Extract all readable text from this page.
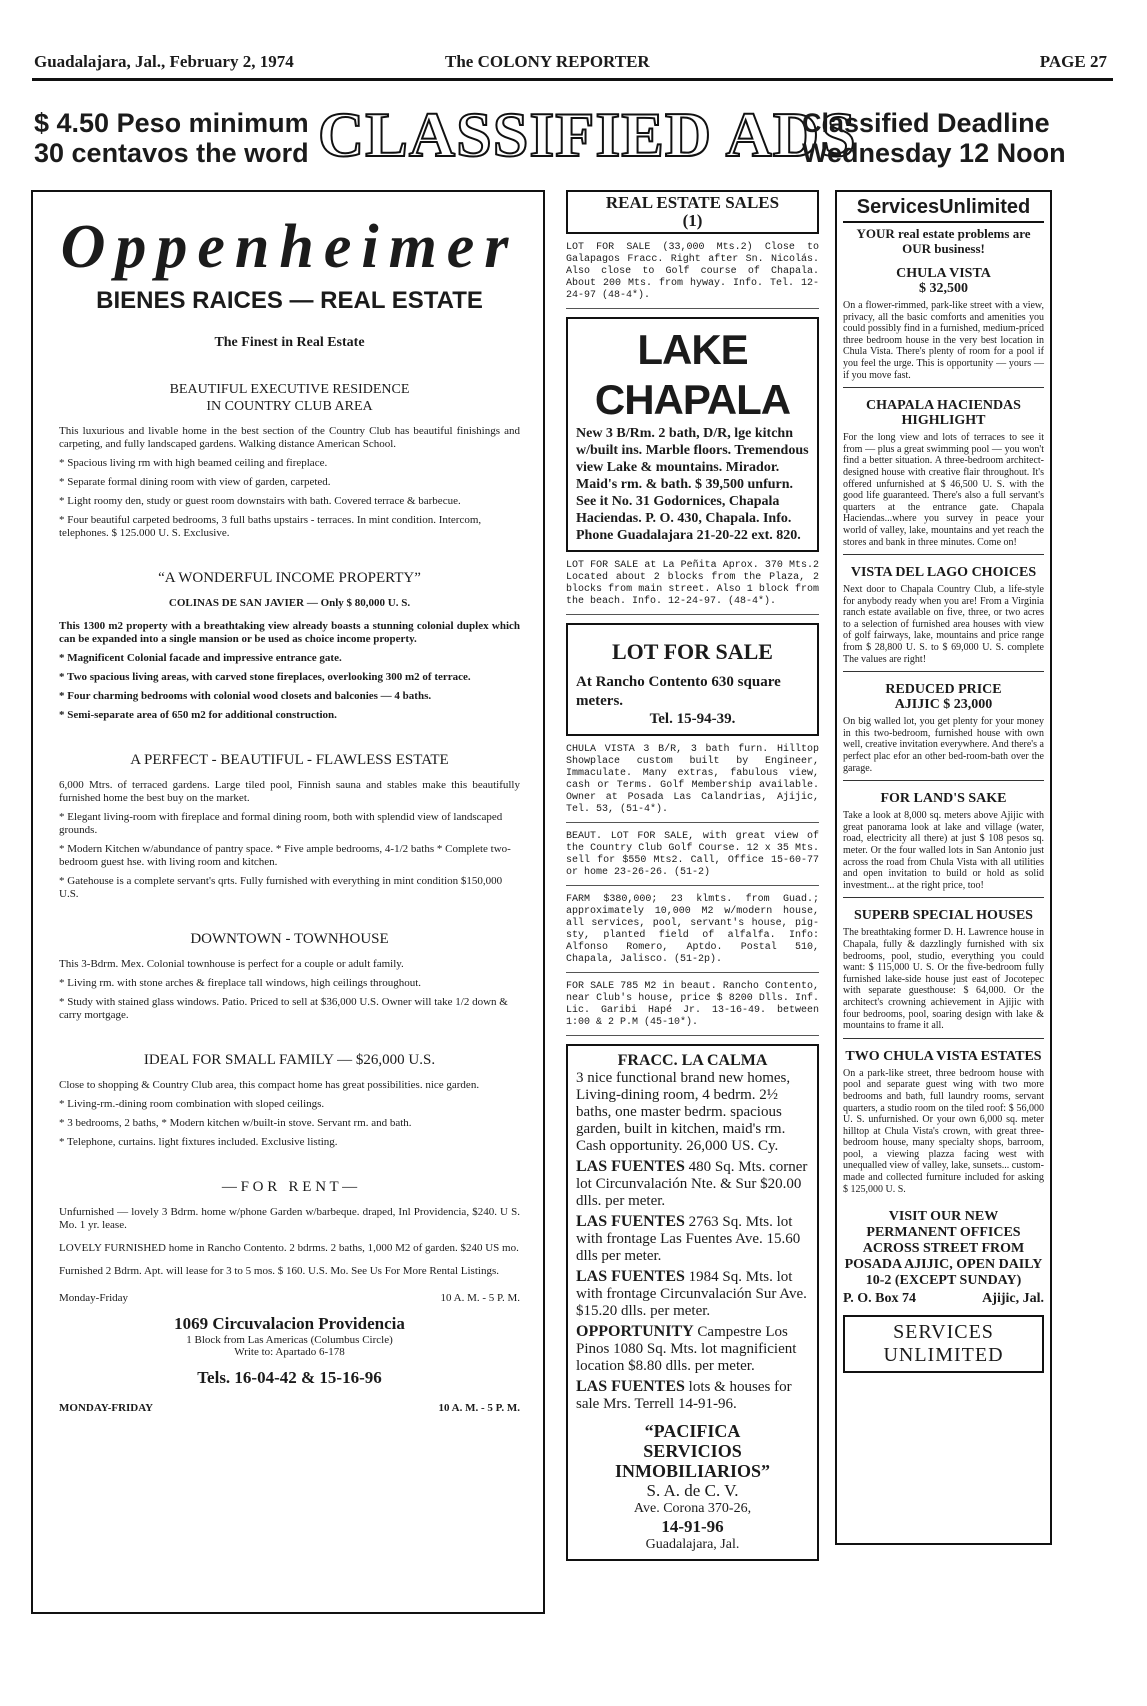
Guadalajara, Jal., February 2, 1974	The COLONY REPORTER	PAGE 27
$ 4.50 Peso minimum
30 centavos the word CLASSIFIED ADS
Classified Deadline
Wednesday 12 Noon
Oppenheimer
BIENES RAICES — REAL ESTATE
The Finest in Real Estate
BEAUTIFUL EXECUTIVE RESIDENCE
IN COUNTRY CLUB AREA

This luxurious and livable home in the best section of the Country Club has beautiful finishings and carpeting, and fully landscaped gardens. Walking distance American School.

* Spacious living rm with high beamed ceiling and fireplace.

* Separate formal dining room with view of garden, carpeted.

* Light roomy den, study or guest room downstairs with bath. Covered terrace & barbecue.

* Four beautiful carpeted bedrooms, 3 full baths upstairs - terraces. In mint condition. Intercom, telephones. $ 125.000 U. S. Exclusive.

“A WONDERFUL INCOME PROPERTY”

COLINAS DE SAN JAVIER — Only $ 80,000 U. S.

This 1300 m2 property with a breathtaking view already boasts a stunning colonial duplex which can be expanded into a single mansion or be used as choice income property.

* Magnificent Colonial facade and impressive entrance gate.

* Two spacious living areas, with carved stone fireplaces, overlooking 300 m2 of terrace.

* Four charming bedrooms with colonial wood closets and balconies — 4 baths.

* Semi-separate area of 650 m2 for additional construction.

A PERFECT - BEAUTIFUL - FLAWLESS ESTATE

6,000 Mtrs. of terraced gardens. Large tiled pool, Finnish sauna and stables make this beautifully furnished home the best buy on the market.

* Elegant living-room with fireplace and formal dining room, both with splendid view of landscaped grounds.

* Modern Kitchen w/abundance of pantry space. * Five ample bedrooms, 4-1/2 baths * Complete two-bedroom guest hse. with living room and kitchen.

* Gatehouse is a complete servant's qrts. Fully furnished with everything in mint condition $150,000 U.S.

DOWNTOWN - TOWNHOUSE

This 3-Bdrm. Mex. Colonial townhouse is perfect for a couple or adult family.

* Living rm. with stone arches & fireplace tall windows, high ceilings throughout.

* Study with stained glass windows. Patio. Priced to sell at $36,000 U.S. Owner will take 1/2 down & carry mortgage.

IDEAL FOR SMALL FAMILY — $26,000 U.S.

Close to shopping & Country Club area, this compact home has great possibilities. nice garden.

* Living-rm.-dining room combination with sloped ceilings.

* 3 bedrooms, 2 baths, * Modern kitchen w/built-in stove. Servant rm. and bath.

* Telephone, curtains. light fixtures included. Exclusive listing.

— F O R   R E N T —

Unfurnished — lovely 3 Bdrm. home w/phone Garden w/barbeque. draped, Inl Providencia, $240. U S. Mo. 1 yr. lease.

LOVELY FURNISHED home in Rancho Contento. 2 bdrms. 2 baths, 1,000 M2 of garden. $240 US mo.

Furnished 2 Bdrm. Apt. will lease for 3 to 5 mos. $ 160. U.S. Mo. See Us For More Rental Listings.

Monday-Friday	10 A. M. - 5 P. M.
1069 Circuvalacion Providencia
1 Block from Las Americas (Columbus Circle)
Write to: Apartado 6-178
Tels. 16-04-42 & 15-16-96
MONDAY-FRIDAY	10 A. M. - 5 P. M.
REAL ESTATE SALES
(1)

LOT FOR SALE (33,000 Mts.2) Close to Galapagos Fracc. Right after Sn. Nicolás. Also close to Golf course of Chapala. About 200 Mts. from hyway. Info. Tel. 12-24-97 (48-4*).

LAKE CHAPALA

New 3 B/Rm. 2 bath, D/R, lge kitchn w/built ins. Marble floors. Tremendous view Lake & mountains. Mirador. Maid's rm. & bath. $ 39,500 unfurn. See it No. 31 Godornices, Chapala Haciendas. P. O. 430, Chapala. Info. Phone Guadalajara 21-20-22 ext. 820.

LOT FOR SALE at La Peñita Aprox. 370 Mts.2 Located about 2 blocks from the Plaza, 2 blocks from main street. Also 1 block from the beach. Info. 12-24-97. (48-4*).

LOT FOR SALE

At Rancho Contento 630 square meters.

Tel. 15-94-39.

CHULA VISTA 3 B/R, 3 bath furn. Hilltop Showplace custom built by Engineer, Immaculate. Many extras, fabulous view, cash or Terms. Golf Membership available. Owner at Posada Las Calandrias, Ajijic, Tel. 53, (51-4*).

BEAUT. LOT FOR SALE, with great view of the Country Club Golf Course. 12 x 35 Mts. sell for $550 Mts2. Call, Office 15-60-77 or home 23-26-26. (51-2)

FARM $380,000; 23 klmts. from Guad.; approximately 10,000 M2 w/modern house, all services, pool, servant's house, pig-sty, planted field of alfalfa. Info: Alfonso Romero, Aptdo. Postal 510, Chapala, Jalisco. (51-2p).

FOR SALE 785 M2 in beaut. Rancho Contento, near Club's house, price $ 8200 Dlls. Inf. Lic. Garibi Hapé Jr. 13-16-49. between 1:00 & 2 P.M (45-10*).

FRACC. LA CALMA

3 nice functional brand new homes, Living-dining room, 4 bedrm. 2½ baths, one master bedrm. spacious garden, built in kitchen, maid's rm. Cash opportunity. 26,000 US. Cy.

LAS FUENTES 480 Sq. Mts. corner lot Circunvalación Nte. & Sur $20.00 dlls. per meter.

LAS FUENTES 2763 Sq. Mts. lot with frontage Las Fuentes Ave. 15.60 dlls per meter.

LAS FUENTES 1984 Sq. Mts. lot with frontage Circunvalación Sur Ave. $15.20 dlls. per meter.

OPPORTUNITY Campestre Los Pinos 1080 Sq. Mts. lot magnificient location $8.80 dlls. per meter.

LAS FUENTES lots & houses for sale Mrs. Terrell 14-91-96.

“PACIFICA
SERVICIOS
INMOBILIARIOS”
S. A. de C. V.
Ave. Corona 370-26,
14-91-96
Guadalajara, Jal.
ServicesUnlimited
YOUR real estate problems are OUR business!
CHULA VISTA
$ 32,500

On a flower-rimmed, park-like street with a view, privacy, all the basic comforts and amenities you could possibly find in a furnished, medium-priced three bedroom house in the very best location in Chula Vista. There's plenty of room for a pool if you feel the urge. This is opportunity — yours — if you move fast.

CHAPALA HACIENDAS HIGHLIGHT

For the long view and lots of terraces to see it from — plus a great swimming pool — you won't find a better situation. A three-bedroom architect-designed house with creative flair throughout. It's offered unfurnished at $ 46,500 U. S. with the good life guaranteed. There's also a full servant's quarters at the entrance gate. Chapala Haciendas...where you survey in peace your world of valley, lake, mountains and yet reach the stores and bank in three minutes. Come on!

VISTA DEL LAGO CHOICES

Next door to Chapala Country Club, a life-style for anybody ready when you are! From a Virginia ranch estate available on five, three, or two acres to a selection of furnished area houses with view of golf fairways, lake, mountains and price range from $ 28,800 U. S. to $ 69,000 U. S. complete The values are right!

REDUCED PRICE
AJIJIC $ 23,000

On big walled lot, you get plenty for your money in this two-bedroom, furnished house with own well, creative invitation everywhere. And there's a perfect plac efor an other bed-room-bath over the garage.

FOR LAND'S SAKE

Take a look at 8,000 sq. meters above Ajijic with great panorama look at lake and village (water, road, electricity all there) at just $ 108 pesos sq. meter. Or the four walled lots in San Antonio just across the road from Chula Vista with all utilities and open invitation to build or hold as solid investment... at the right price, too!

SUPERB SPECIAL HOUSES

The breathtaking former D. H. Lawrence house in Chapala, fully & dazzlingly furnished with six bedrooms, pool, studio, everything you could want: $ 115,000 U. S. Or the five-bedroom fully furnished lake-side house just east of Jocotepec with separate guesthouse: $ 64,000. Or the architect's crowning achievement in Ajijic with four bedrooms, pool, soaring design with lake & mountains to frame it all.

TWO CHULA VISTA ESTATES

On a park-like street, three bedroom house with pool and separate guest wing with two more bedrooms and bath, full laundry rooms, servant quarters, a studio room on the tiled roof: $ 56,000 U. S. unfurnished. Or your own 6,000 sq. meter hilltop at Chula Vista's crown, with great three-bedroom house, many specialty shops, barroom, pool, a viewing plazza facing west with unequalled view of valley, lake, sunsets... custom-made and collected furniture included for asking $ 125,000 U. S.

VISIT OUR NEW PERMANENT OFFICES ACROSS STREET FROM POSADA AJIJIC, OPEN DAILY 10-2 (EXCEPT SUNDAY)
P. O. Box 74	Ajijic, Jal.
SERVICES UNLIMITED
